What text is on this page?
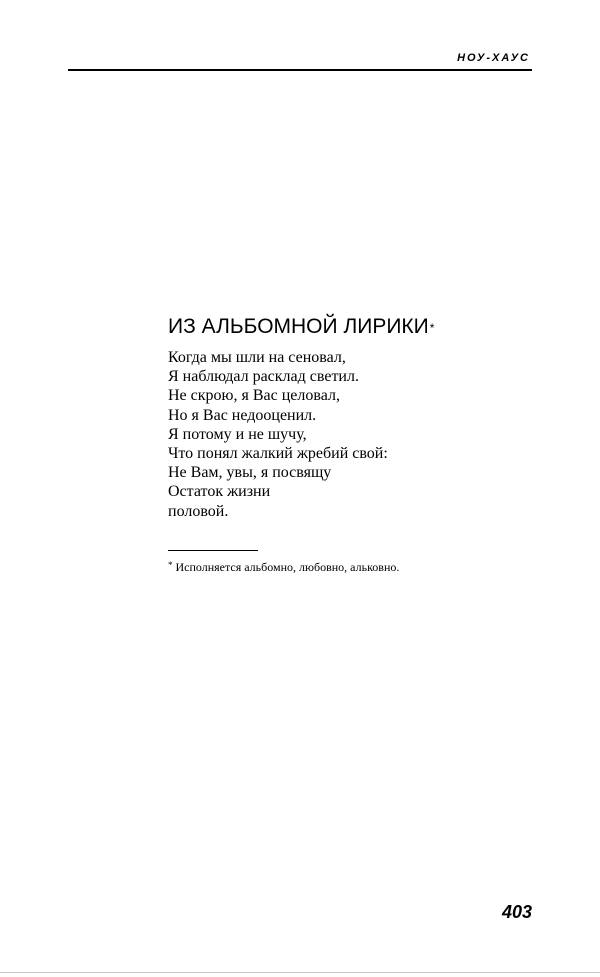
НОУ-ХАУС
ИЗ АЛЬБОМНОЙ ЛИРИКИ*
Когда мы шли на сеновал,
Я наблюдал расклад светил.
Не скрою, я Вас целовал,
Но я Вас недооценил.
Я потому и не шучу,
Что понял жалкий жребий свой:
Не Вам, увы, я посвящу
Остаток жизни
половой.
* Исполняется альбомно, любовно, альковно.
403
